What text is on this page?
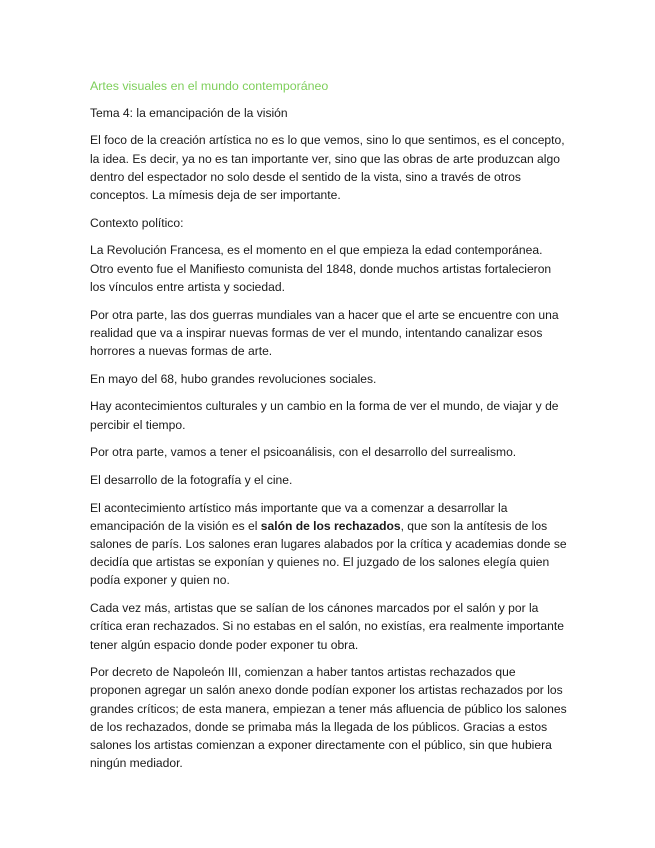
Artes visuales en el mundo contemporáneo
Tema 4: la emancipación de la visión

El foco de la creación artística no es lo que vemos, sino lo que sentimos, es el concepto, la idea. Es decir, ya no es tan importante ver, sino que las obras de arte produzcan algo dentro del espectador no solo desde el sentido de la vista, sino a través de otros conceptos. La mímesis deja de ser importante.

Contexto político:

La Revolución Francesa, es el momento en el que empieza la edad contemporánea. Otro evento fue el Manifiesto comunista del 1848, donde muchos artistas fortalecieron los vínculos entre artista y sociedad.

Por otra parte, las dos guerras mundiales van a hacer que el arte se encuentre con una realidad que va a inspirar nuevas formas de ver el mundo, intentando canalizar esos horrores a nuevas formas de arte.

En mayo del 68, hubo grandes revoluciones sociales.

Hay acontecimientos culturales y un cambio en la forma de ver el mundo, de viajar y de percibir el tiempo.

Por otra parte, vamos a tener el psicoanálisis, con el desarrollo del surrealismo.

El desarrollo de la fotografía y el cine.

El acontecimiento artístico más importante que va a comenzar a desarrollar la emancipación de la visión es el salón de los rechazados, que son la antítesis de los salones de parís. Los salones eran lugares alabados por la crítica y academias donde se decidía que artistas se exponían y quienes no. El juzgado de los salones elegía quien podía exponer y quien no.

Cada vez más, artistas que se salían de los cánones marcados por el salón y por la crítica eran rechazados. Si no estabas en el salón, no existías, era realmente importante tener algún espacio donde poder exponer tu obra.

Por decreto de Napoleón III, comienzan a haber tantos artistas rechazados que proponen agregar un salón anexo donde podían exponer los artistas rechazados por los grandes críticos; de esta manera, empiezan a tener más afluencia de público los salones de los rechazados, donde se primaba más la llegada de los públicos. Gracias a estos salones los artistas comienzan a exponer directamente con el público, sin que hubiera ningún mediador.
